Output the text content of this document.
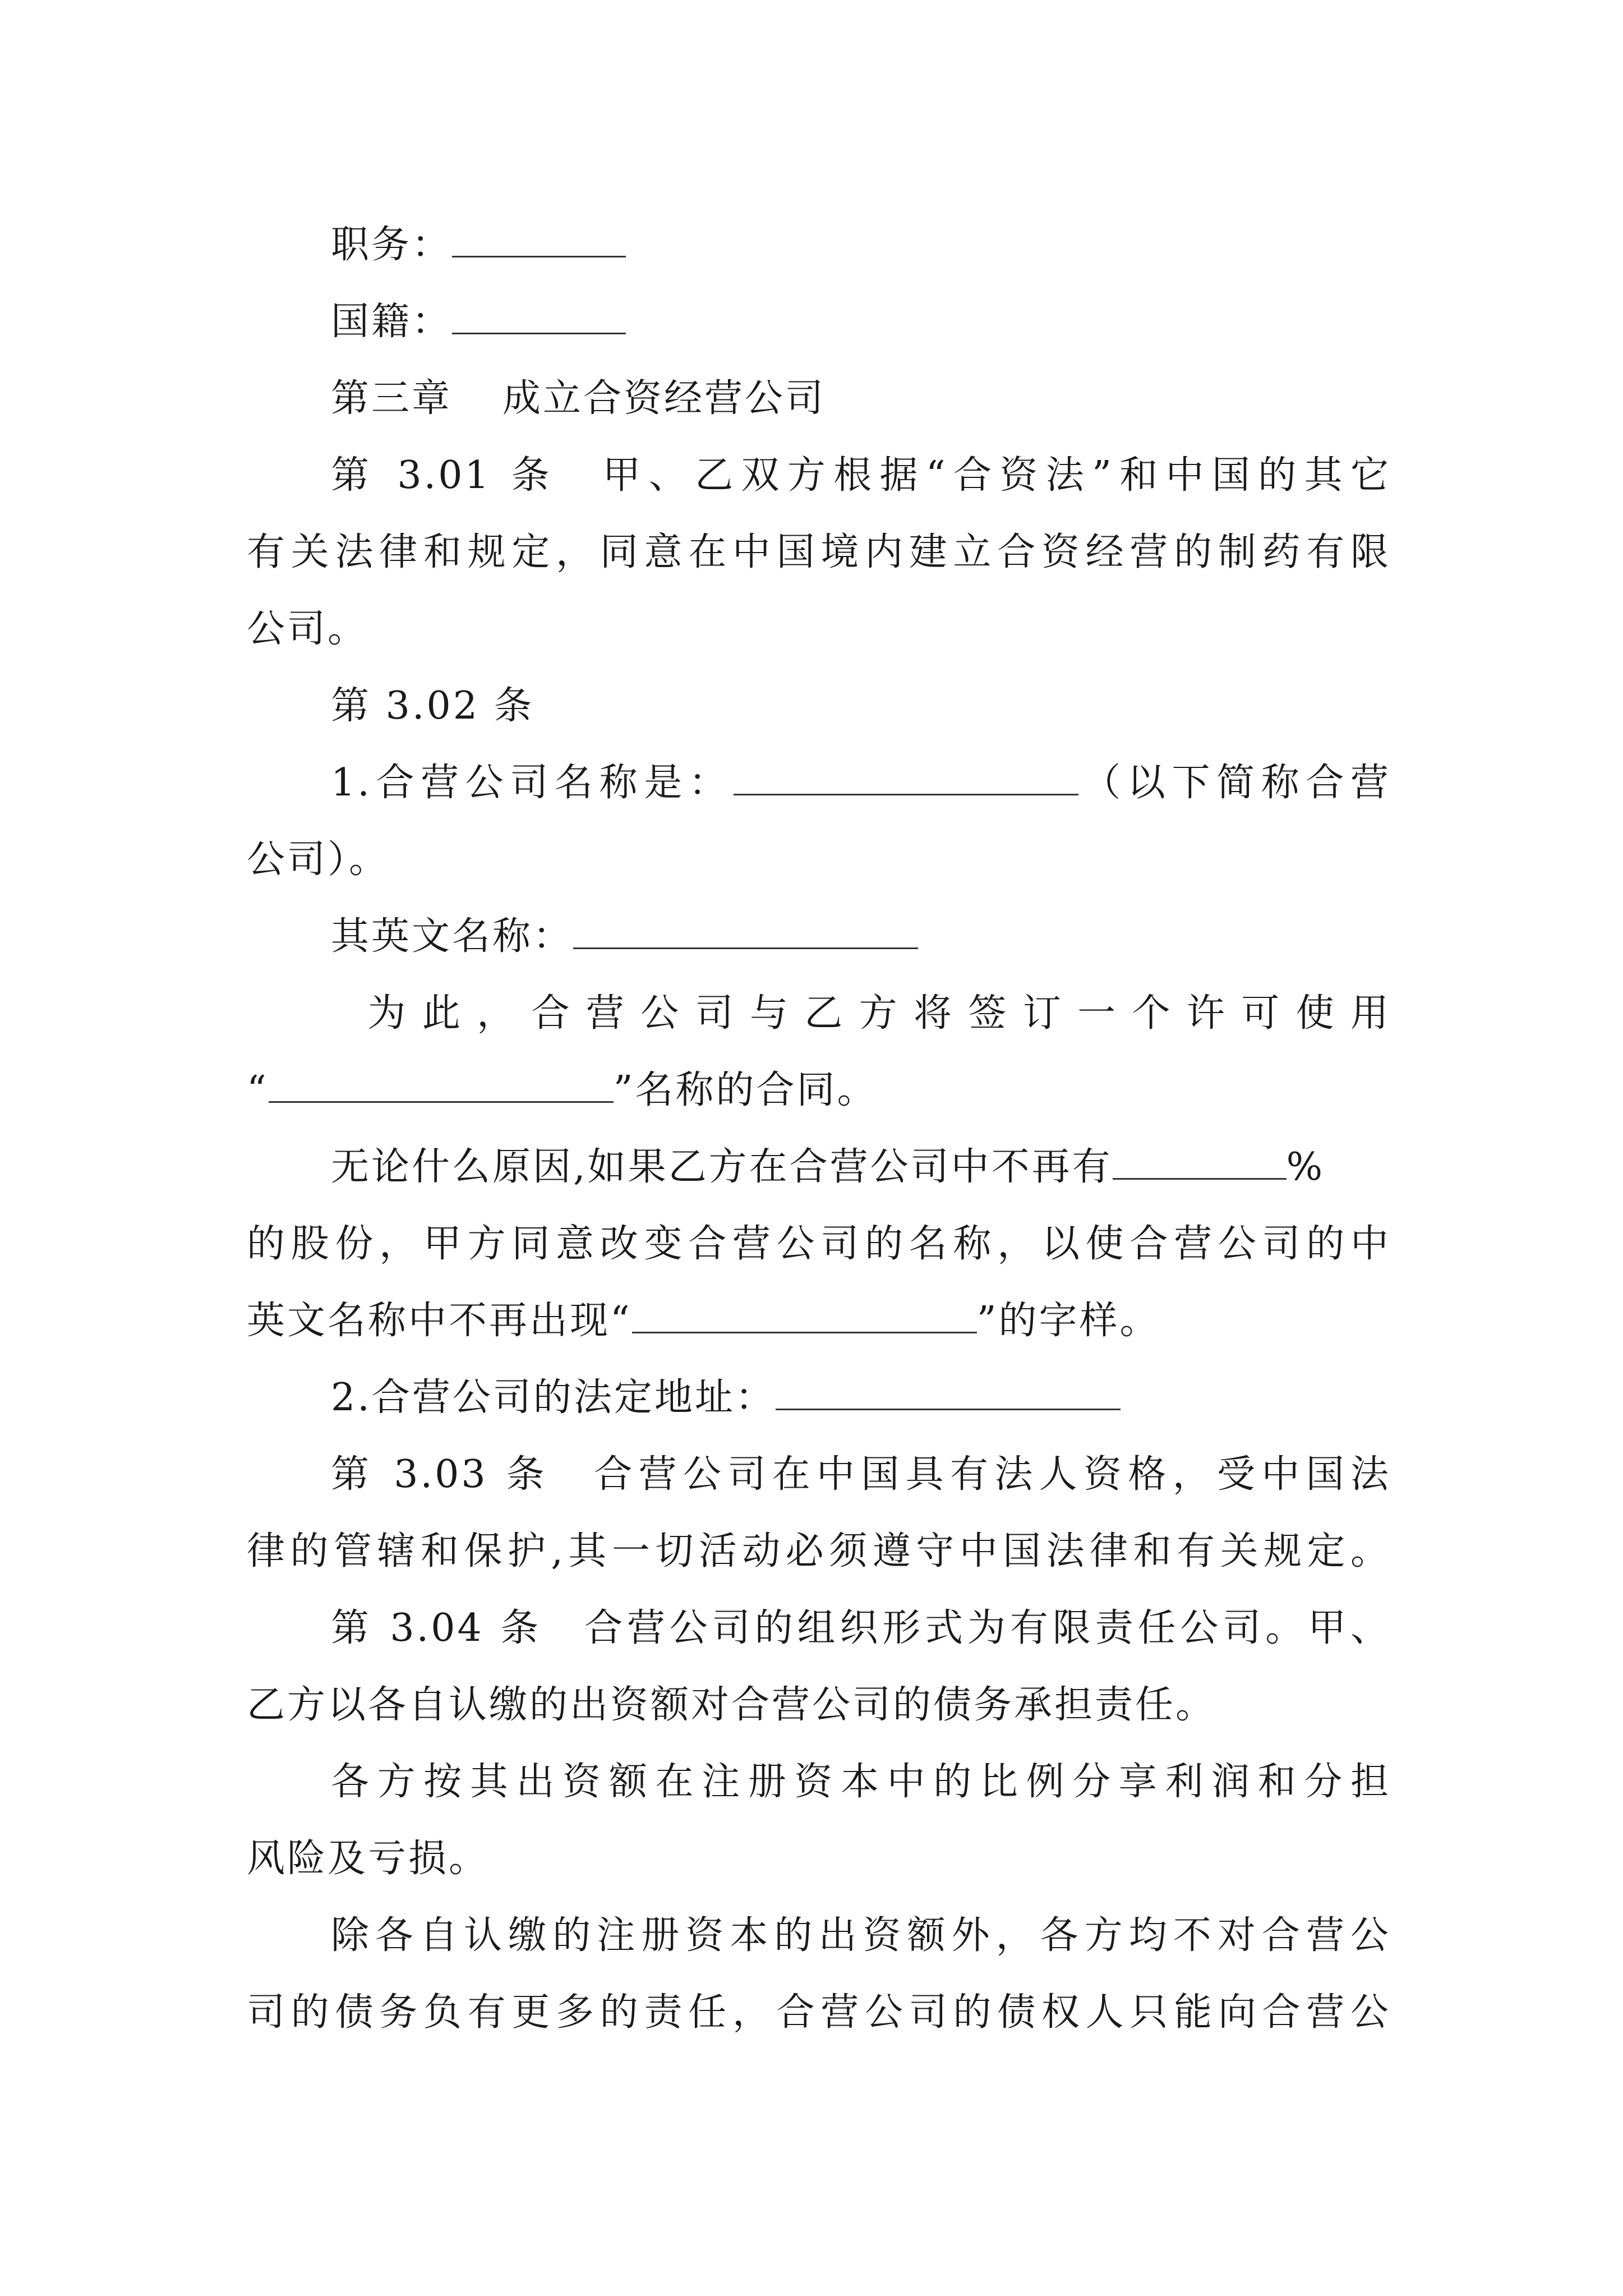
职务：
国籍：
第三章 成立合资经营公司
第 3.01 条 甲、乙双方根据“合资法”和中国的其它
有关法律和规定，同意在中国境内建立合资经营的制药有限
公司。
第 3.02 条
1.合营公司名称是：	（以下简称合营
公司）。
其英文名称：
为此，合营公司与乙方将签订一个许可使用
“	”名称的合同。
无论什么原因,如果乙方在合营公司中不再有	%
的股份，甲方同意改变合营公司的名称，以使合营公司的中
英文名称中不再出现“	”的字样。
2.合营公司的法定地址：
第 3.03 条 合营公司在中国具有法人资格，受中国法
律的管辖和保护,其一切活动必须遵守中国法律和有关规定。
第 3.04 条 合营公司的组织形式为有限责任公司。甲、
乙方以各自认缴的出资额对合营公司的债务承担责任。
各方按其出资额在注册资本中的比例分享利润和分担
风险及亏损。
除各自认缴的注册资本的出资额外，各方均不对合营公
司的债务负有更多的责任，合营公司的债权人只能向合营公
